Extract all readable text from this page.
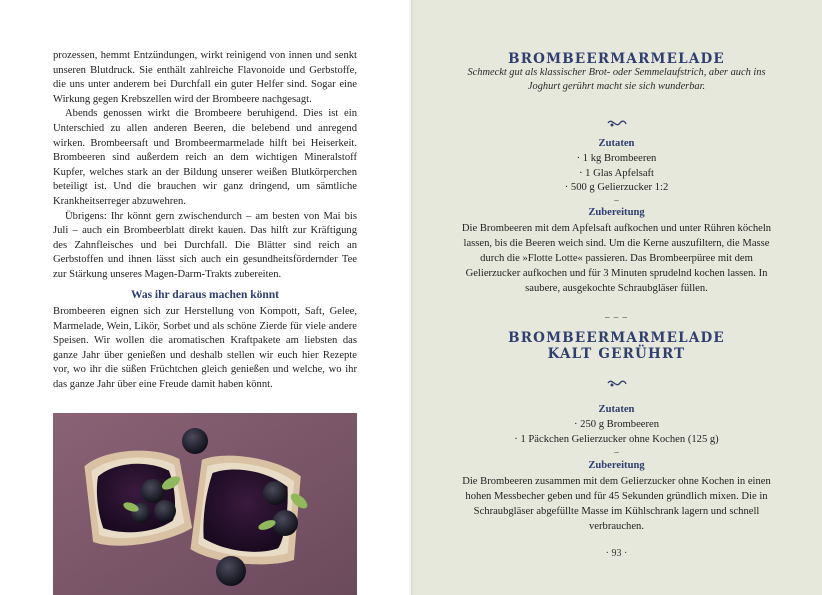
prozessen, hemmt Entzündungen, wirkt reinigend von innen und senkt unseren Blutdruck. Sie enthält zahlreiche Flavonoide und Gerbstoffe, die uns unter anderem bei Durchfall ein guter Helfer sind. Sogar eine Wirkung gegen Krebszellen wird der Brombeere nachgesagt.

Abends genossen wirkt die Brombeere beruhigend. Dies ist ein Unterschied zu allen anderen Beeren, die belebend und anregend wirken. Brombeersaft und Brombeermarmelade hilft bei Heiserkeit. Brombeeren sind außerdem reich an dem wichtigen Mineralstoff Kupfer, welches stark an der Bildung unserer weißen Blutkörperchen beteiligt ist. Und die brauchen wir ganz dringend, um sämtliche Krankheitserreger abzuwehren.

Übrigens: Ihr könnt gern zwischendurch – am besten von Mai bis Juli – auch ein Brombeerblatt direkt kauen. Das hilft zur Kräftigung des Zahnfleisches und bei Durchfall. Die Blätter sind reich an Gerbstoffen und ihnen lässt sich auch ein gesundheitsfördernder Tee zur Stärkung unseres Magen-Darm-Trakts zubereiten.

Was ihr daraus machen könnt

Brombeeren eignen sich zur Herstellung von Kompott, Saft, Gelee, Marmelade, Wein, Likör, Sorbet und als schöne Zierde für viele andere Speisen. Wir wollen die aromatischen Kraftpakete am liebsten das ganze Jahr über genießen und deshalb stellen wir euch hier Rezepte vor, wo ihr die süßen Früchtchen gleich genießen und welche, wo ihr das ganze Jahr über eine Freude damit haben könnt.

BROMBEERMARMELADE
Schmeckt gut als klassischer Brot- oder Semmelaufstrich, aber auch ins Joghurt gerührt macht sie sich wunderbar.
Zutaten
· 1 kg Brombeeren
· 1 Glas Apfelsaft
· 500 g Gelierzucker 1:2
–
Zubereitung
Die Brombeeren mit dem Apfelsaft aufkochen und unter Rühren köcheln lassen, bis die Beeren weich sind. Um die Kerne auszufiltern, die Masse durch die »Flotte Lotte« passieren. Das Brombeerpüree mit dem Gelierzucker aufkochen und für 3 Minuten sprudelnd kochen lassen. In saubere, ausgekochte Schraubgläser füllen.
– – –
BROMBEERMARMELADE
KALT GERÜHRT
Zutaten
· 250 g Brombeeren
· 1 Päckchen Gelierzucker ohne Kochen (125 g)
–
Zubereitung
Die Brombeeren zusammen mit dem Gelierzucker ohne Kochen in einen hohen Messbecher geben und für 45 Sekunden gründlich mixen. Die in Schraubgläser abgefüllte Masse im Kühlschrank lagern und schnell verbrauchen.
· 93 ·
